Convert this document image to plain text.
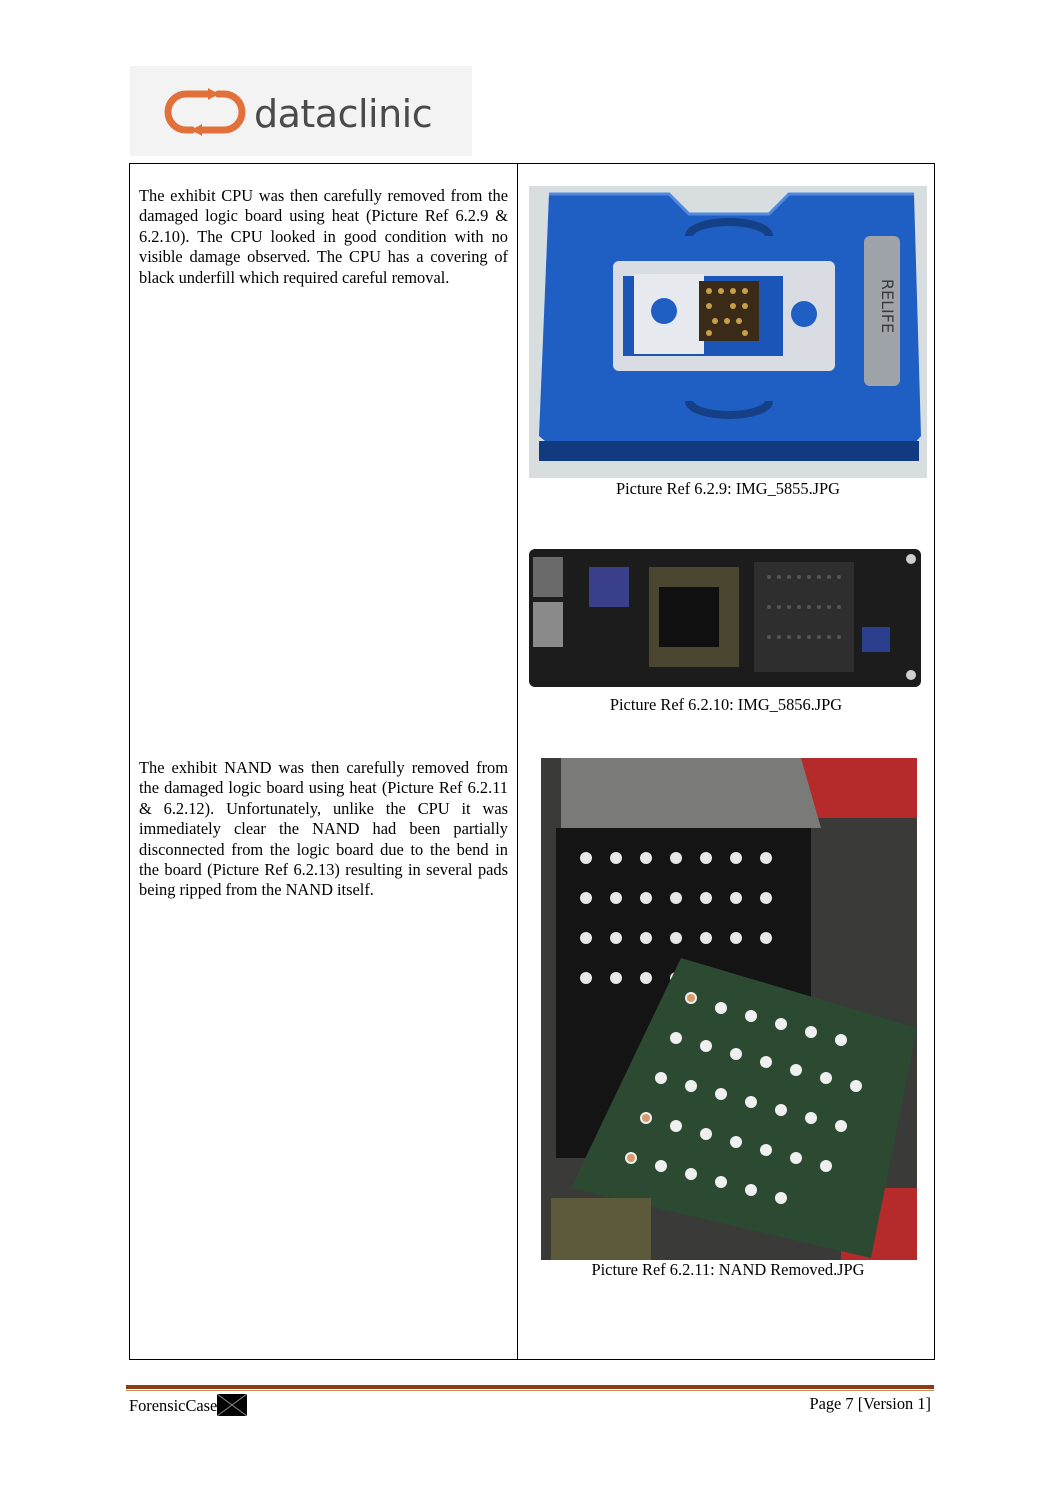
dataclinic
The exhibit CPU was then carefully removed from the damaged logic board using heat (Picture Ref 6.2.9 & 6.2.10). The CPU looked in good condition with no visible damage observed. The CPU has a covering of black underfill which required careful removal.
RELIFE
Picture Ref 6.2.9: IMG_5855.JPG
Picture Ref 6.2.10: IMG_5856.JPG
The exhibit NAND was then carefully removed from the damaged logic board using heat (Picture Ref 6.2.11 & 6.2.12). Unfortunately, unlike the CPU it was immediately clear the NAND had been partially disconnected from the logic board due to the bend in the board (Picture Ref 6.2.13) resulting in several pads being ripped from the NAND itself.
Picture Ref 6.2.11: NAND Removed.JPG
ForensicCase	Page 7 [Version 1]
